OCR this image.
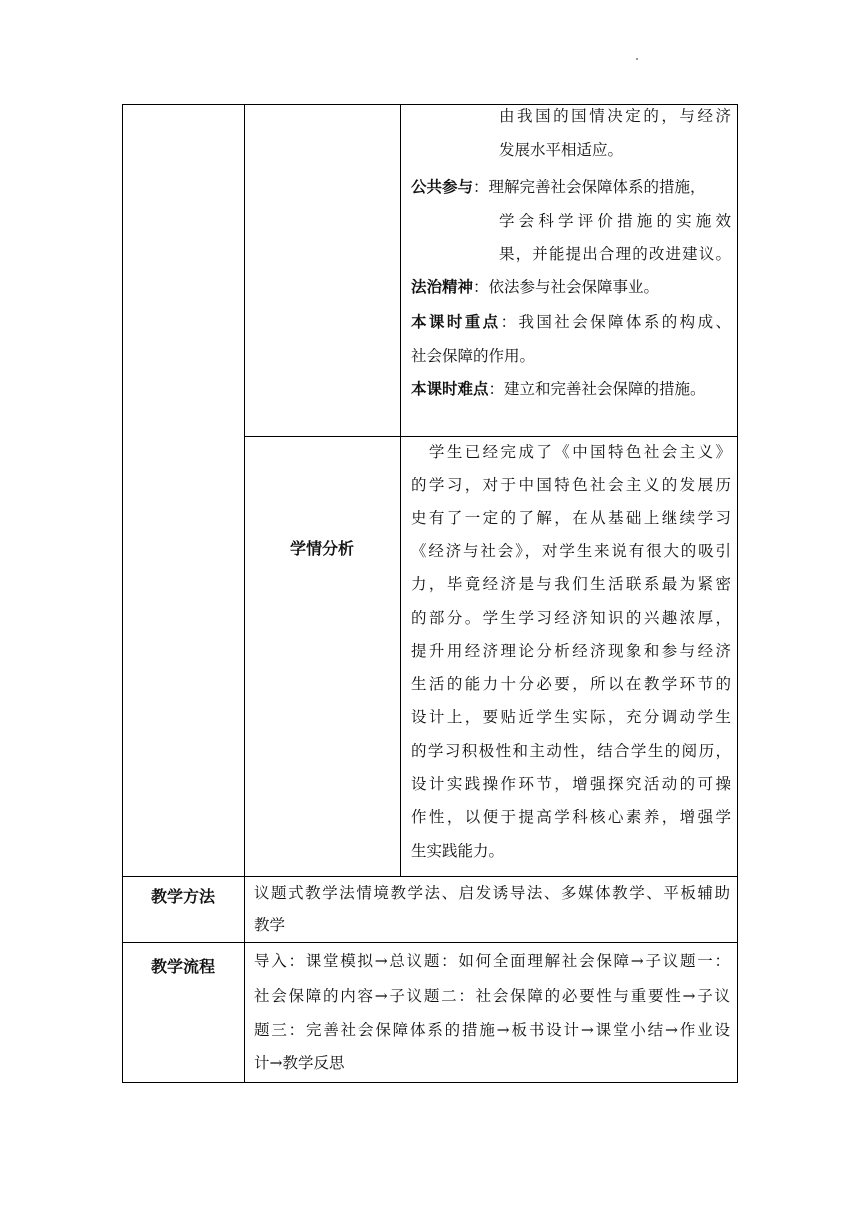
由我国的国情决定的，与经济

发展水平相适应。

公共参与：理解完善社会保障体系的措施，

学会科学评价措施的实施效

果，并能提出合理的改进建议。

法治精神：依法参与社会保障事业。

本课时重点：我国社会保障体系的构成、

社会保障的作用。

本课时难点：建立和完善社会保障的措施。

学情分析

　学生已经完成了《中国特色社会主义》

的学习，对于中国特色社会主义的发展历

史有了一定的了解，在从基础上继续学习

《经济与社会》，对学生来说有很大的吸引

力，毕竟经济是与我们生活联系最为紧密

的部分。学生学习经济知识的兴趣浓厚，

提升用经济理论分析经济现象和参与经济

生活的能力十分必要，所以在教学环节的

设计上，要贴近学生实际，充分调动学生

的学习积极性和主动性，结合学生的阅历，

设计实践操作环节，增强探究活动的可操

作性，以便于提高学科核心素养，增强学

生实践能力。

教学方法	议题式教学法情境教学法、启发诱导法、多媒体教学、平板辅助

教学

教学流程	导入：课堂模拟→总议题：如何全面理解社会保障→子议题一：

社会保障的内容→子议题二：社会保障的必要性与重要性→子议

题三：完善社会保障体系的措施→板书设计→课堂小结→作业设

计→教学反思
